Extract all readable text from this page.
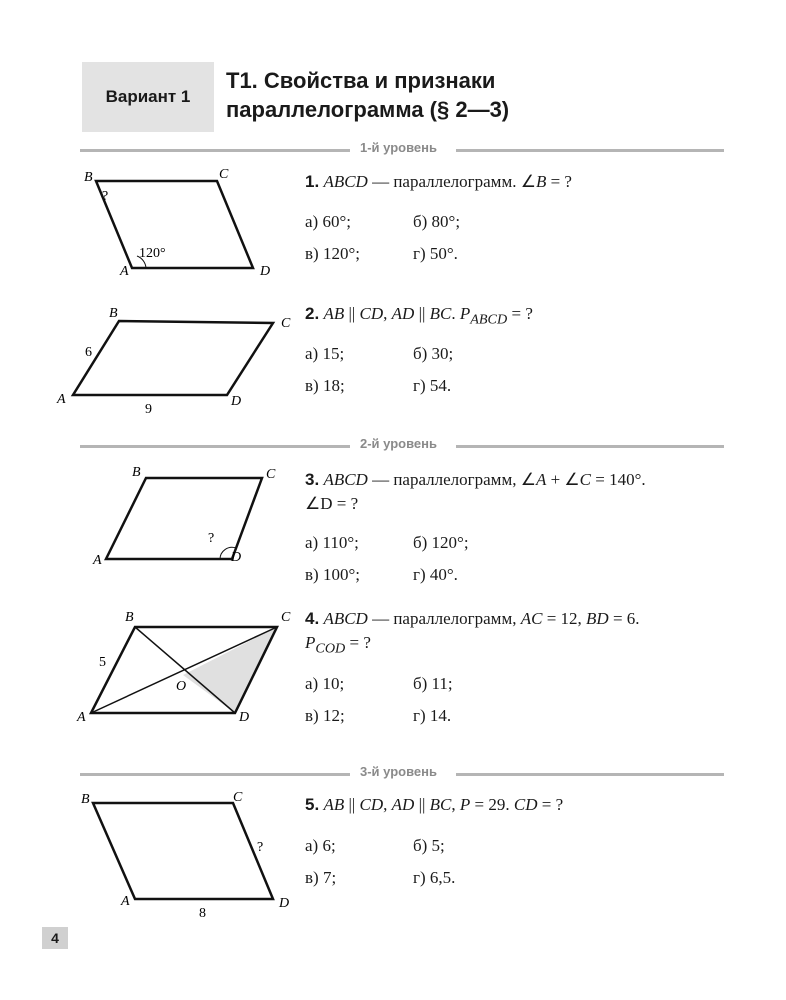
Вариант 1
Т1. Свойства и признаки
параллелограмма (§ 2—3)
1-й уровень
B	C
A	D
?
120°
1. ABCD — параллелограмм. ∠B = ?
а) 60°;	б) 80°;
в) 120°;	г) 50°.
B
C
A	D
6
9
2. AB || CD, AD || BC. $P_{ABCD}$ = ?
а) 15;	б) 30;
в) 18;	г) 54.
2-й уровень
B	C
A	D
?
3. ABCD — параллелограмм, ∠A + ∠C = 140°.
∠D = ?
а) 110°;	б) 120°;
в) 100°;	г) 40°.
B	C
A	D
O
5
4. ABCD — параллелограмм, AC = 12, BD = 6.
$P_{COD}$ = ?
а) 10;	б) 11;
в) 12;	г) 14.
3-й уровень
B	C
A	D
8
?
5. AB || CD, AD || BC, P = 29. CD = ?
а) 6;	б) 5;
в) 7;	г) 6,5.
4
